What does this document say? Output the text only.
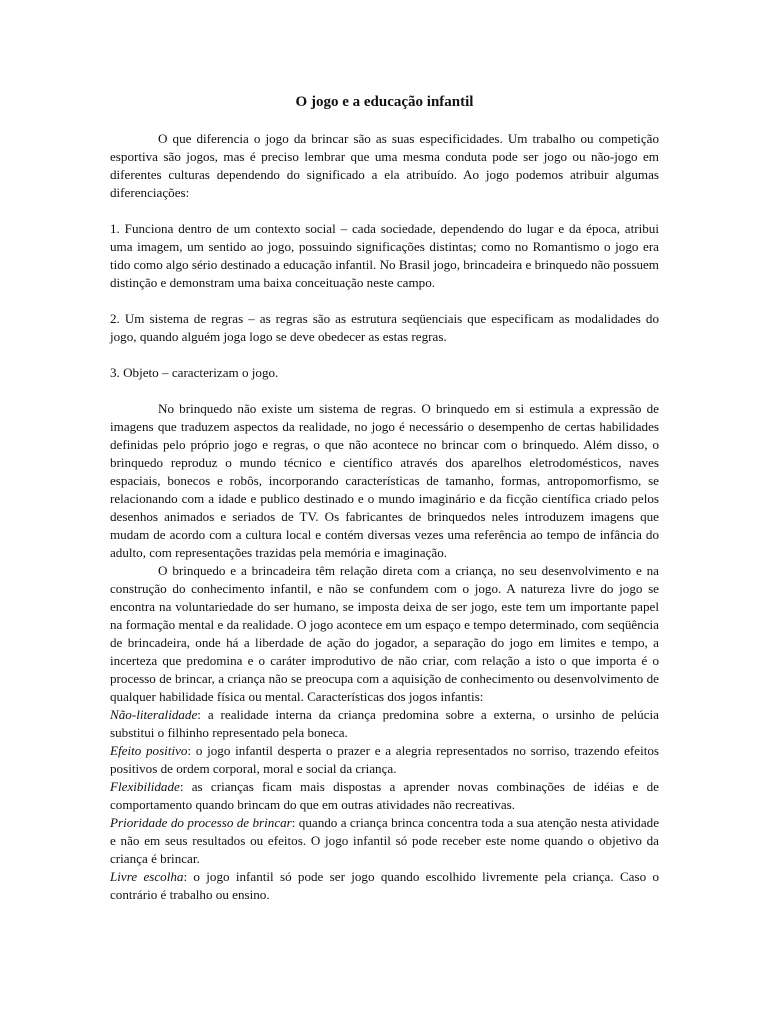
O jogo e a educação infantil

O que diferencia o jogo da brincar são as suas especificidades. Um trabalho ou competição esportiva são jogos, mas é preciso lembrar que uma mesma conduta pode ser jogo ou não-jogo em diferentes culturas dependendo do significado a ela atribuído. Ao jogo podemos atribuir algumas diferenciações:

1. Funciona dentro de um contexto social – cada sociedade, dependendo do lugar e da época, atribui uma imagem, um sentido ao jogo, possuindo significações distintas; como no Romantismo o jogo era tido como algo sério destinado a educação infantil. No Brasil jogo, brincadeira e brinquedo não possuem distinção e demonstram uma baixa conceituação neste campo.

2. Um sistema de regras – as regras são as estrutura seqüenciais que especificam as modalidades do jogo, quando alguém joga logo se deve obedecer as estas regras.

3. Objeto – caracterizam o jogo.

No brinquedo não existe um sistema de regras. O brinquedo em si estimula a expressão de imagens que traduzem aspectos da realidade, no jogo é necessário o desempenho de certas habilidades definidas pelo próprio jogo e regras, o que não acontece no brincar com o brinquedo. Além disso, o brinquedo reproduz o mundo técnico e científico através dos aparelhos eletrodomésticos, naves espaciais, bonecos e robôs, incorporando características de tamanho, formas, antropomorfismo, se relacionando com a idade e publico destinado e o mundo imaginário e da ficção científica criado pelos desenhos animados e seriados de TV. Os fabricantes de brinquedos neles introduzem imagens que mudam de acordo com a cultura local e contém diversas vezes uma referência ao tempo de infância do adulto, com representações trazidas pela memória e imaginação.

O brinquedo e a brincadeira têm relação direta com a criança, no seu desenvolvimento e na construção do conhecimento infantil, e não se confundem com o jogo. A natureza livre do jogo se encontra na voluntariedade do ser humano, se imposta deixa de ser jogo, este tem um importante papel na formação mental e da realidade. O jogo acontece em um espaço e tempo determinado, com seqüência de brincadeira, onde há a liberdade de ação do jogador, a separação do jogo em limites e tempo, a incerteza que predomina e o caráter improdutivo de não criar, com relação a isto o que importa é o processo de brincar, a criança não se preocupa com a aquisição de conhecimento ou desenvolvimento de qualquer habilidade física ou mental. Características dos jogos infantis:

Não-literalidade: a realidade interna da criança predomina sobre a externa, o ursinho de pelúcia substitui o filhinho representado pela boneca.

Efeito positivo: o jogo infantil desperta o prazer e a alegria representados no sorriso, trazendo efeitos positivos de ordem corporal, moral e social da criança.

Flexibilidade: as crianças ficam mais dispostas a aprender novas combinações de idéias e de comportamento quando brincam do que em outras atividades não recreativas.

Prioridade do processo de brincar: quando a criança brinca concentra toda a sua atenção nesta atividade e não em seus resultados ou efeitos. O jogo infantil só pode receber este nome quando o objetivo da criança é brincar.

Livre escolha: o jogo infantil só pode ser jogo quando escolhido livremente pela criança. Caso o contrário é trabalho ou ensino.
